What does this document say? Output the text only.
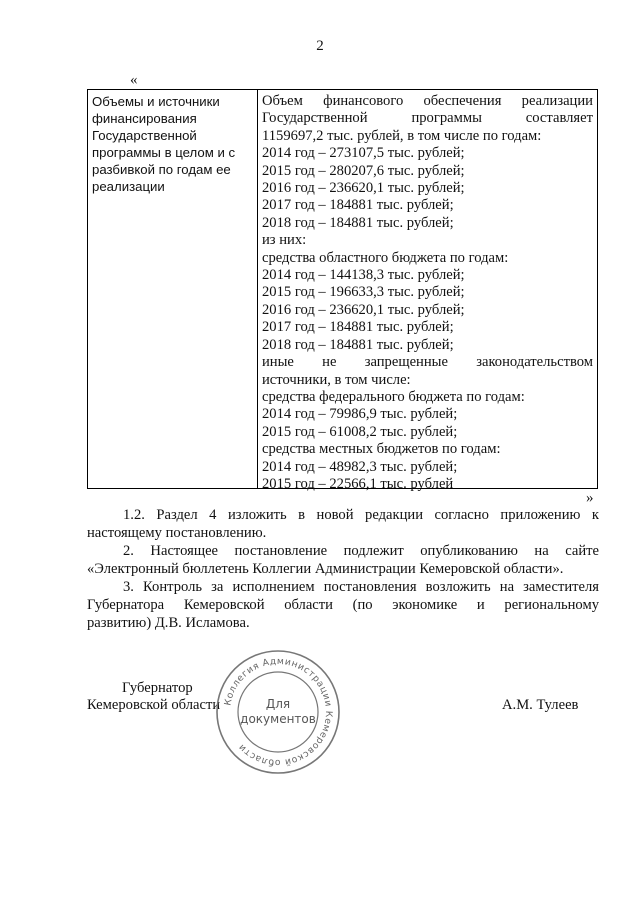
2
«
Объемы и источники
финансирования
Государственной
программы в целом и с
разбивкой по годам ее
реализации
Объем финансового обеспечения реализации
Государственной программы составляет
1159697,2 тыс. рублей, в том числе по годам:
2014 год – 273107,5 тыс. рублей;
2015 год – 280207,6 тыс. рублей;
2016 год – 236620,1 тыс. рублей;
2017 год – 184881 тыс. рублей;
2018 год – 184881 тыс. рублей;
из них:
средства областного бюджета по годам:
2014 год – 144138,3 тыс. рублей;
2015 год – 196633,3 тыс. рублей;
2016 год – 236620,1 тыс. рублей;
2017 год – 184881 тыс. рублей;
2018 год – 184881 тыс. рублей;
иные не запрещенные законодательством
источники, в том числе:
средства федерального бюджета по годам:
2014 год – 79986,9 тыс. рублей;
2015 год – 61008,2 тыс. рублей;
средства местных бюджетов по годам:
2014 год – 48982,3 тыс. рублей;
2015 год – 22566,1 тыс. рублей
»
1.2. Раздел 4 изложить в новой редакции согласно приложению к
настоящему постановлению.
2. Настоящее постановление подлежит опубликованию на сайте
«Электронный бюллетень Коллегии Администрации Кемеровской области».
3. Контроль за исполнением постановления возложить на заместителя
Губернатора Кемеровской области (по экономике и региональному
развитию) Д.В. Исламова.
Губернатор
Кемеровской области	А.М. Тулеев
Коллегия Администрации Кемеровской области
Для
документов
